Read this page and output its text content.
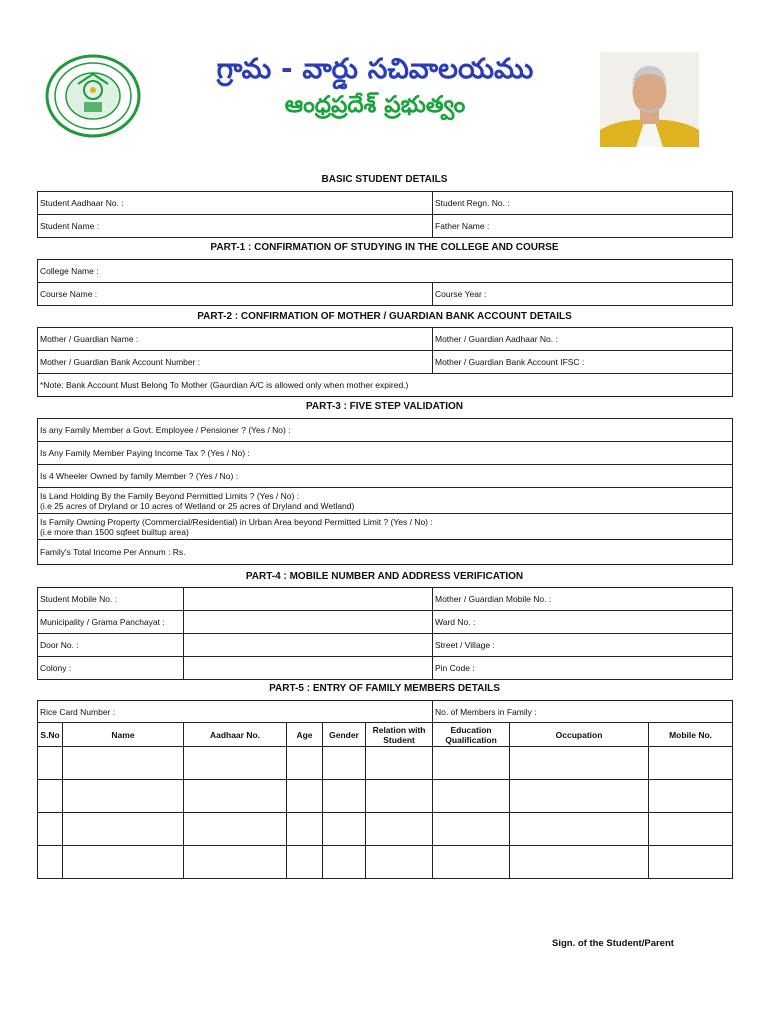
గ్రామ - వార్డు సచివాలయము
ఆంధ్రప్రదేశ్ ప్రభుత్వం
BASIC STUDENT DETAILS
Student Aadhaar No. :	Student Regn. No. :
Student Name :	Father Name :
PART-1 : CONFIRMATION OF STUDYING IN THE COLLEGE AND COURSE
College Name :
Course Name :	Course Year :
PART-2 : CONFIRMATION OF MOTHER / GUARDIAN BANK ACCOUNT DETAILS
Mother / Guardian Name :	Mother / Guardian Aadhaar No. :
Mother / Guardian Bank Account Number :	Mother / Guardian Bank Account IFSC :
*Note: Bank Account Must Belong To Mother (Gaurdian A/C is allowed only when mother expired.)	
PART-3 : FIVE STEP VALIDATION
Is any Family Member a Govt. Employee / Pensioner ? (Yes / No) :
Is Any Family Member Paying Income Tax ? (Yes / No) :
Is 4 Wheeler Owned by family Member ? (Yes / No) :

Is Land Holding By the Family Beyond Permitted Limits ? (Yes / No) :
(i.e 25 acres of Dryland or 10 acres of Wetland or 25 acres of Dryland and Wetland)

Is Family Owning Property (Commercial/Residential) in Urban Area beyond Permitted Limit ? (Yes / No) :
(i.e more than 1500 sqfeet builtup area)

Family's Total Income Per Annum : Rs.
PART-4 : MOBILE NUMBER AND ADDRESS VERIFICATION
Student Mobile No. :		Mother / Guardian Mobile No. :
Municipality / Grama Panchayat :		Ward No. :
Door No. :		Street / Village :
Colony :		Pin Code :
PART-5 : ENTRY OF FAMILY MEMBERS DETAILS
Rice Card Number :						No. of Members in Family :		
S.No	Name	Aadhaar No.	Age	Gender	Relation with Student	Education Qualification	Occupation	Mobile No.

Sign. of the Student/Parent
